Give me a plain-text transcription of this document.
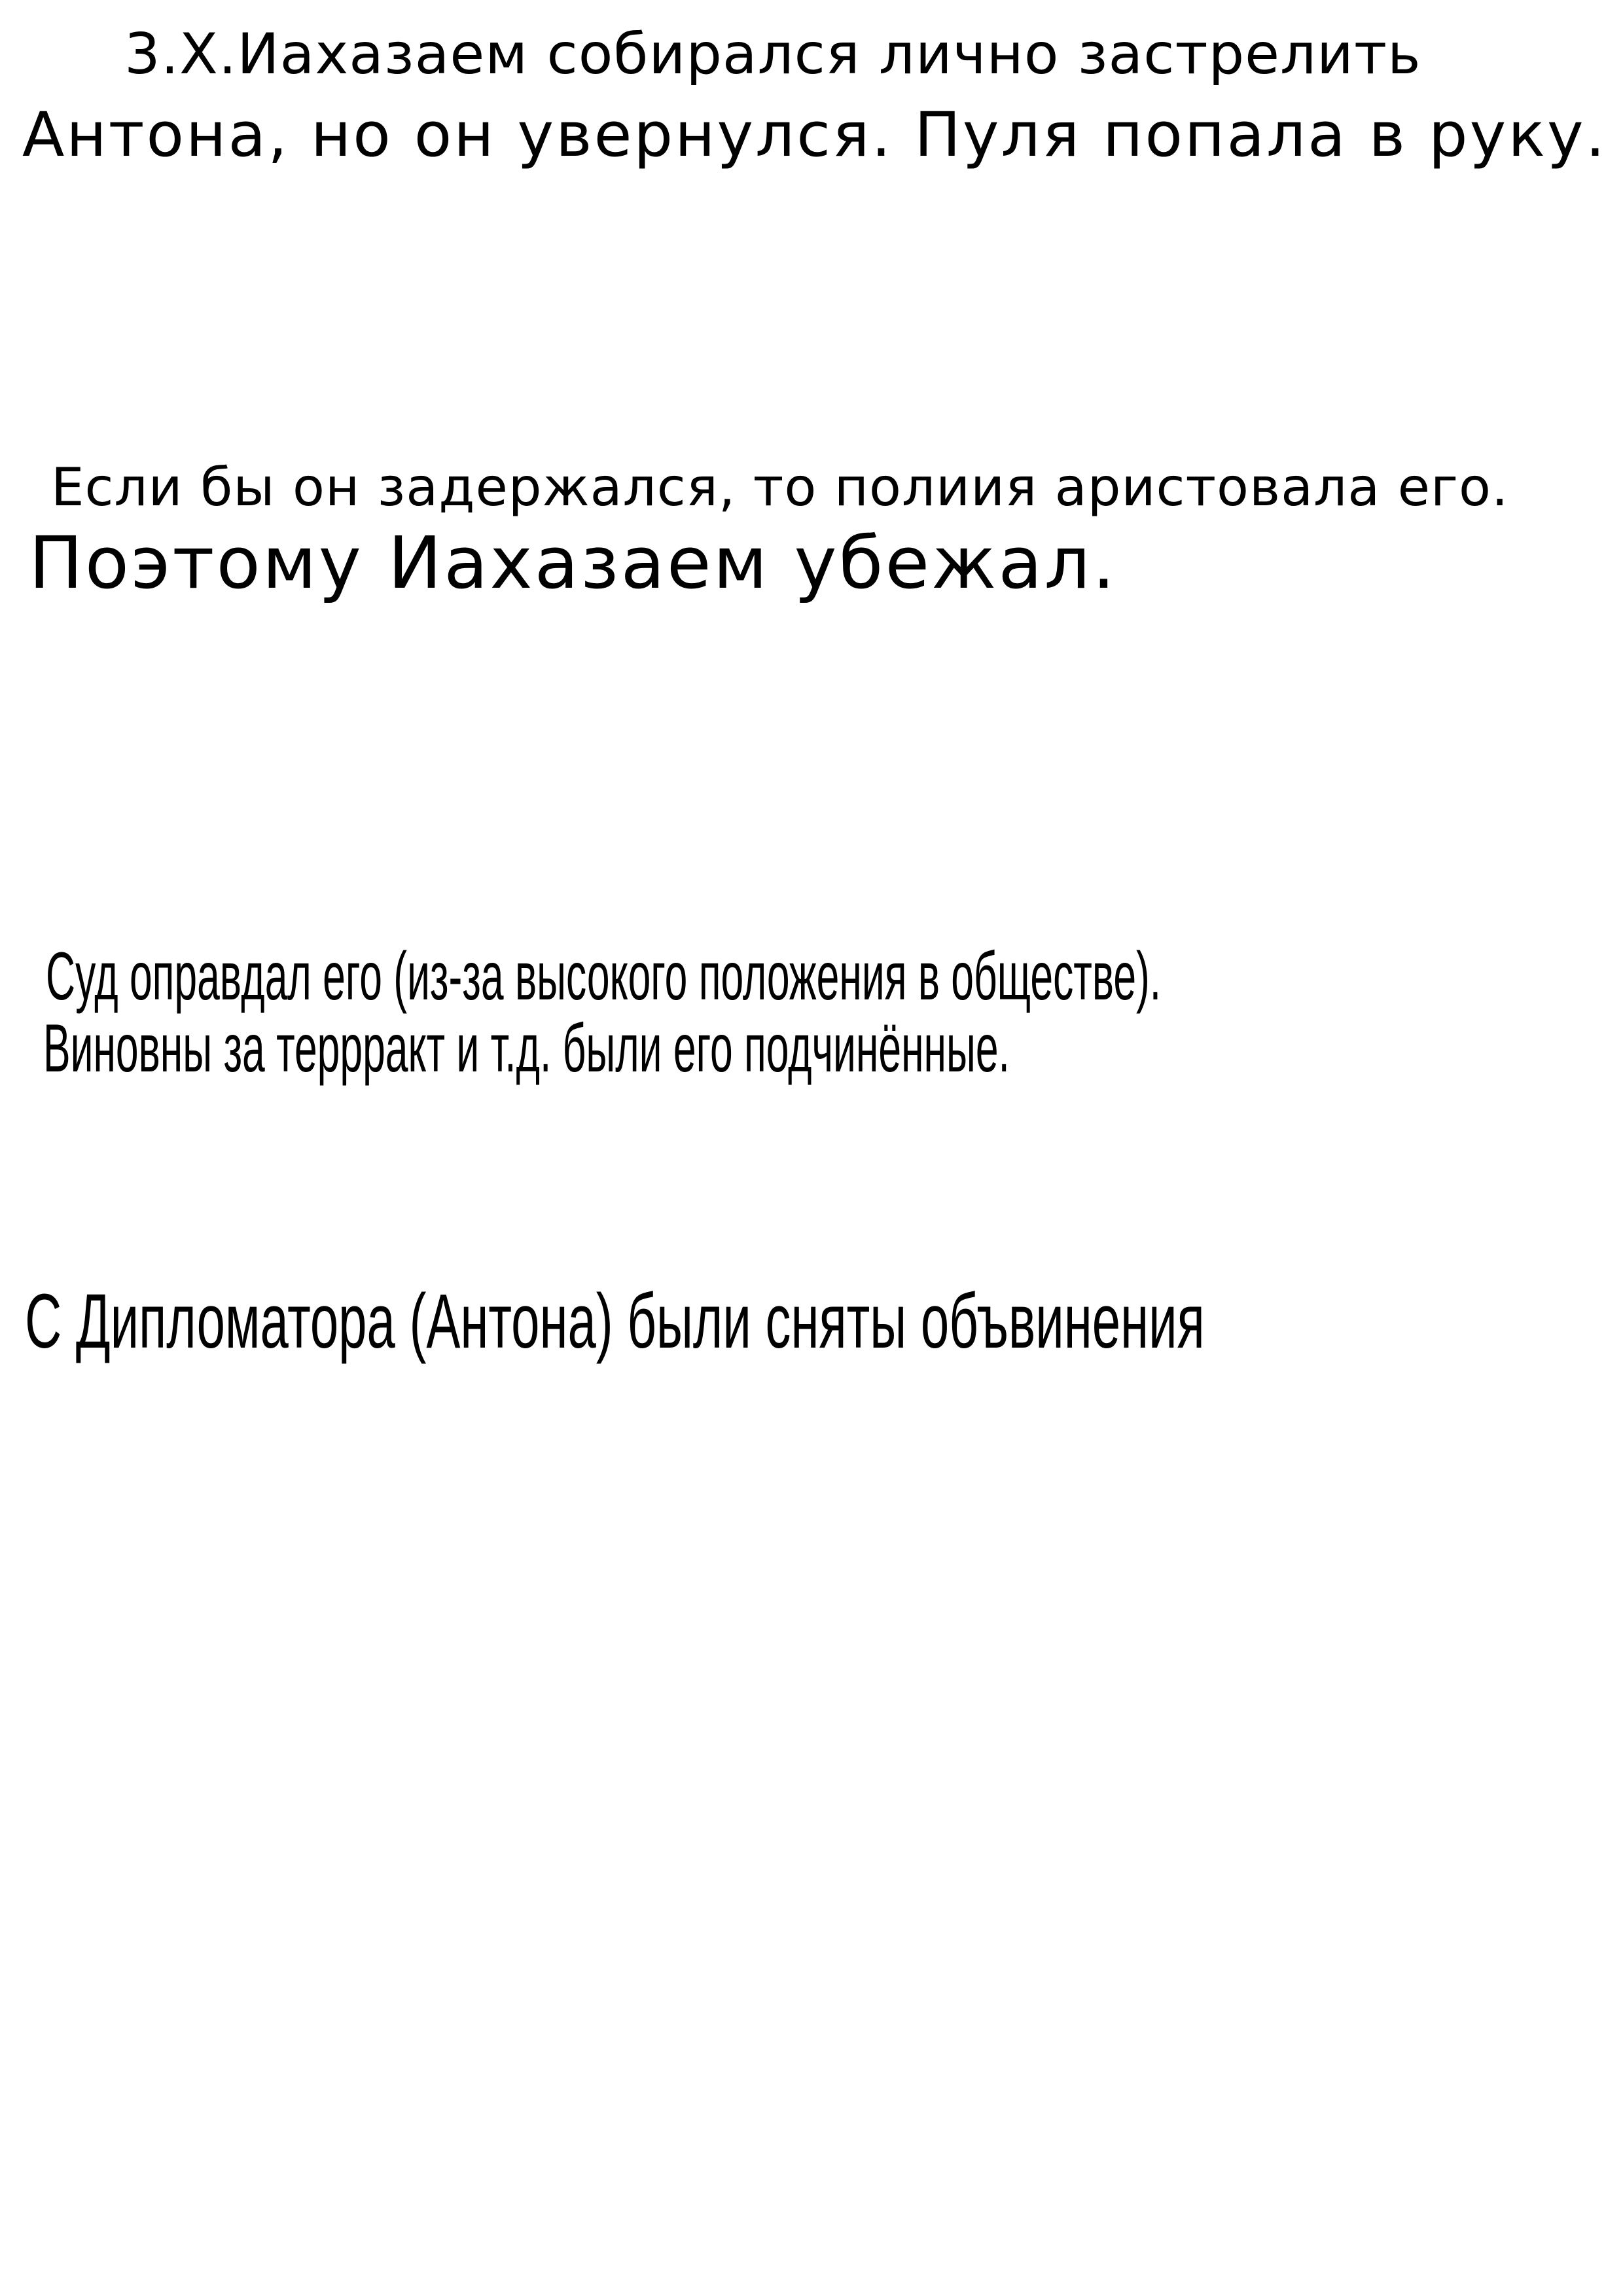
3.Х.Иахазаем собирался лично застрелить

Антона, но он увернулся. Пуля попала в руку.

Если бы он задержался, то полиия аристовала его.

Поэтому Иахазаем убежал.

Суд оправдал его (из-за высокого положения в обществе).

Виновны за террракт и т.д. были его подчинённые.

С Дипломатора (Антона) были сняты объвинения
